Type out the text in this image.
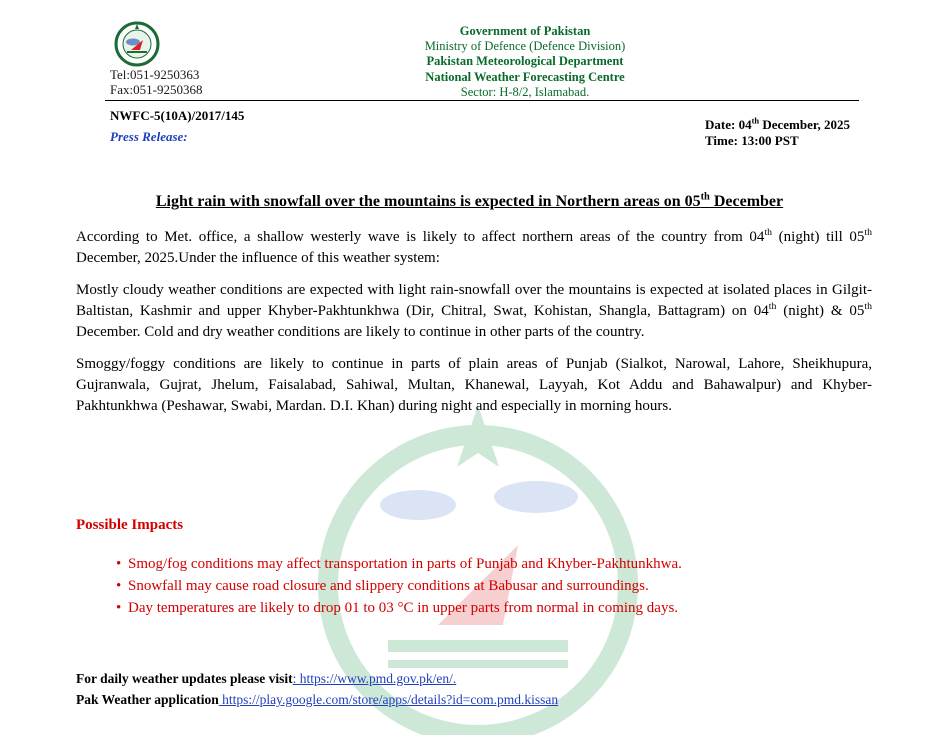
Tel:051-9250363
Fax:051-9250368
Government of Pakistan
Ministry of Defence (Defence Division)
Pakistan Meteorological Department
National Weather Forecasting Centre
Sector: H-8/2, Islamabad.
NWFC-5(10A)/2017/145
Press Release:
Date: 04th December, 2025
Time: 13:00 PST
Light rain with snowfall over the mountains is expected in Northern areas on 05th December
According to Met. office, a shallow westerly wave is likely to affect northern areas of the country from 04th (night) till 05th December, 2025.Under the influence of this weather system:
Mostly cloudy weather conditions are expected with light rain-snowfall over the mountains is expected at isolated places in Gilgit-Baltistan, Kashmir and upper Khyber-Pakhtunkhwa (Dir, Chitral, Swat, Kohistan, Shangla, Battagram) on 04th (night) & 05th December. Cold and dry weather conditions are likely to continue in other parts of the country.
Smoggy/foggy conditions are likely to continue in parts of plain areas of Punjab (Sialkot, Narowal, Lahore, Sheikhupura, Gujranwala, Gujrat, Jhelum, Faisalabad, Sahiwal, Multan, Khanewal, Layyah, Kot Addu and Bahawalpur) and Khyber-Pakhtunkhwa (Peshawar, Swabi, Mardan. D.I. Khan) during night and especially in morning hours.
Possible Impacts
• Smog/fog conditions may affect transportation in parts of Punjab and Khyber-Pakhtunkhwa.
• Snowfall may cause road closure and slippery conditions at Babusar and surroundings.
• Day temperatures are likely to drop 01 to 03 °C in upper parts from normal in coming days.
For daily weather updates please visit: https://www.pmd.gov.pk/en/.
Pak Weather application https://play.google.com/store/apps/details?id=com.pmd.kissan
